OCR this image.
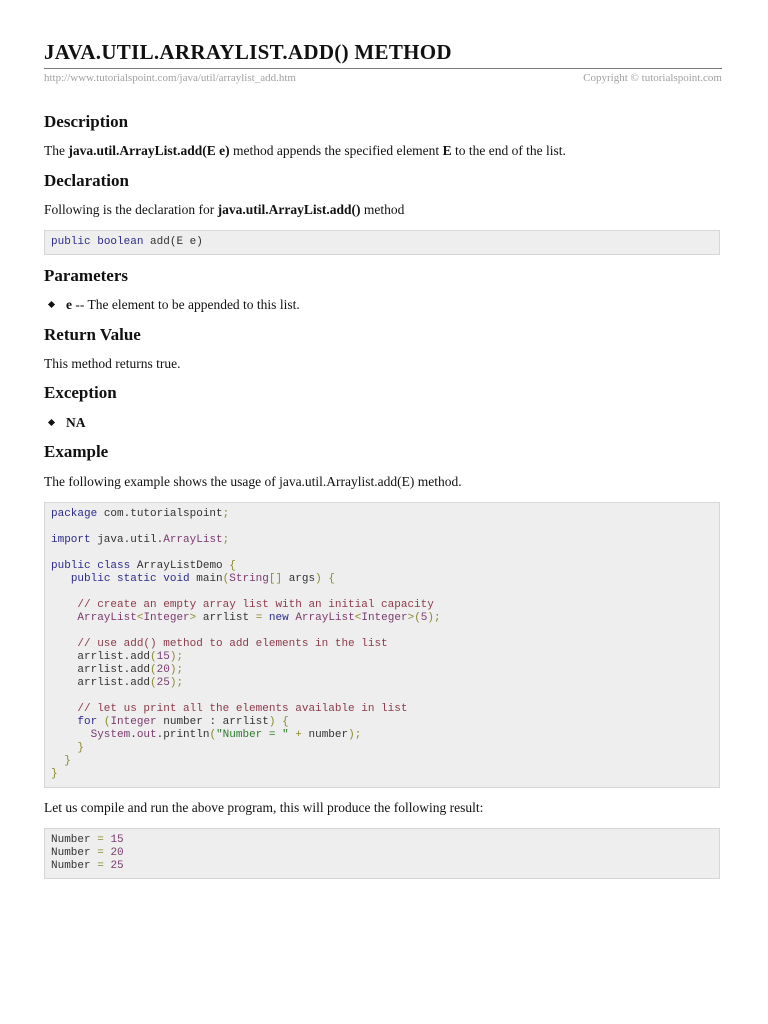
JAVA.UTIL.ARRAYLIST.ADD() METHOD
http://www.tutorialspoint.com/java/util/arraylist_add.htm	Copyright © tutorialspoint.com
Description

The java.util.ArrayList.add(E e) method appends the specified element E to the end of the list.

Declaration

Following is the declaration for java.util.ArrayList.add() method

public boolean add(E e)
Parameters
e -- The element to be appended to this list.
Return Value

This method returns true.

Exception
NA
Example

The following example shows the usage of java.util.Arraylist.add(E) method.

package com.tutorialspoint;
import java.util.ArrayList;
public class ArrayListDemo {
public static void main(String[] args) {
// create an empty array list with an initial capacity
ArrayList<Integer> arrlist = new ArrayList<Integer>(5);
// use add() method to add elements in the list
arrlist.add(15);
arrlist.add(20);
arrlist.add(25);
// let us print all the elements available in list
for (Integer number : arrlist) {
System.out.println("Number = " + number);
}
}
}

Let us compile and run the above program, this will produce the following result:

Number = 15
Number = 20
Number = 25
